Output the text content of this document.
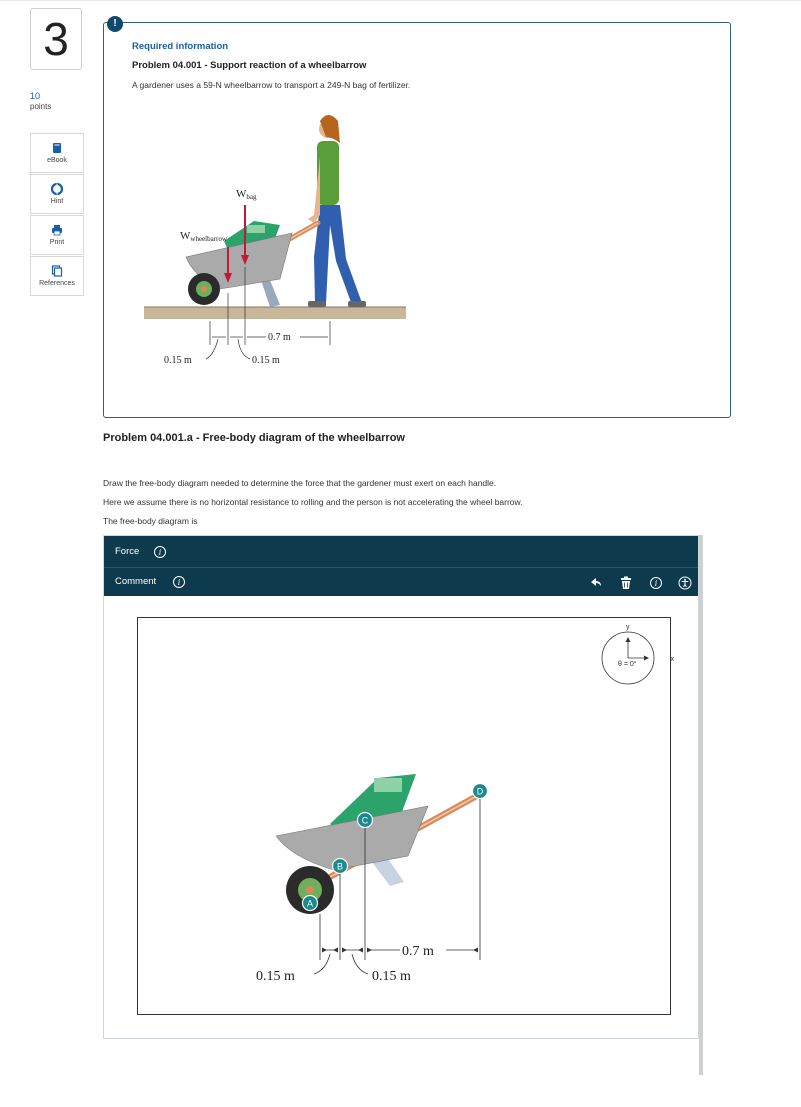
3
10
points
eBook
Hint
Print
References
Required information
Problem 04.001 - Support reaction of a wheelbarrow
A gardener uses a 59-N wheelbarrow to transport a 249-N bag of fertilizer.
Wbag
Wwheelbarrow
0.7 m
0.15 m	0.15 m
!
Problem 04.001.a - Free-body diagram of the wheelbarrow
Draw the free-body diagram needed to determine the force that the gardener must exert on each handle.
Here we assume there is no horizontal resistance to rolling and the person is not accelerating the wheel barrow.
The free-body diagram is
Force	i
Comment	i	i
y
x
θ = 0°
A
B
C
D
0.7 m
0.15 m	0.15 m
